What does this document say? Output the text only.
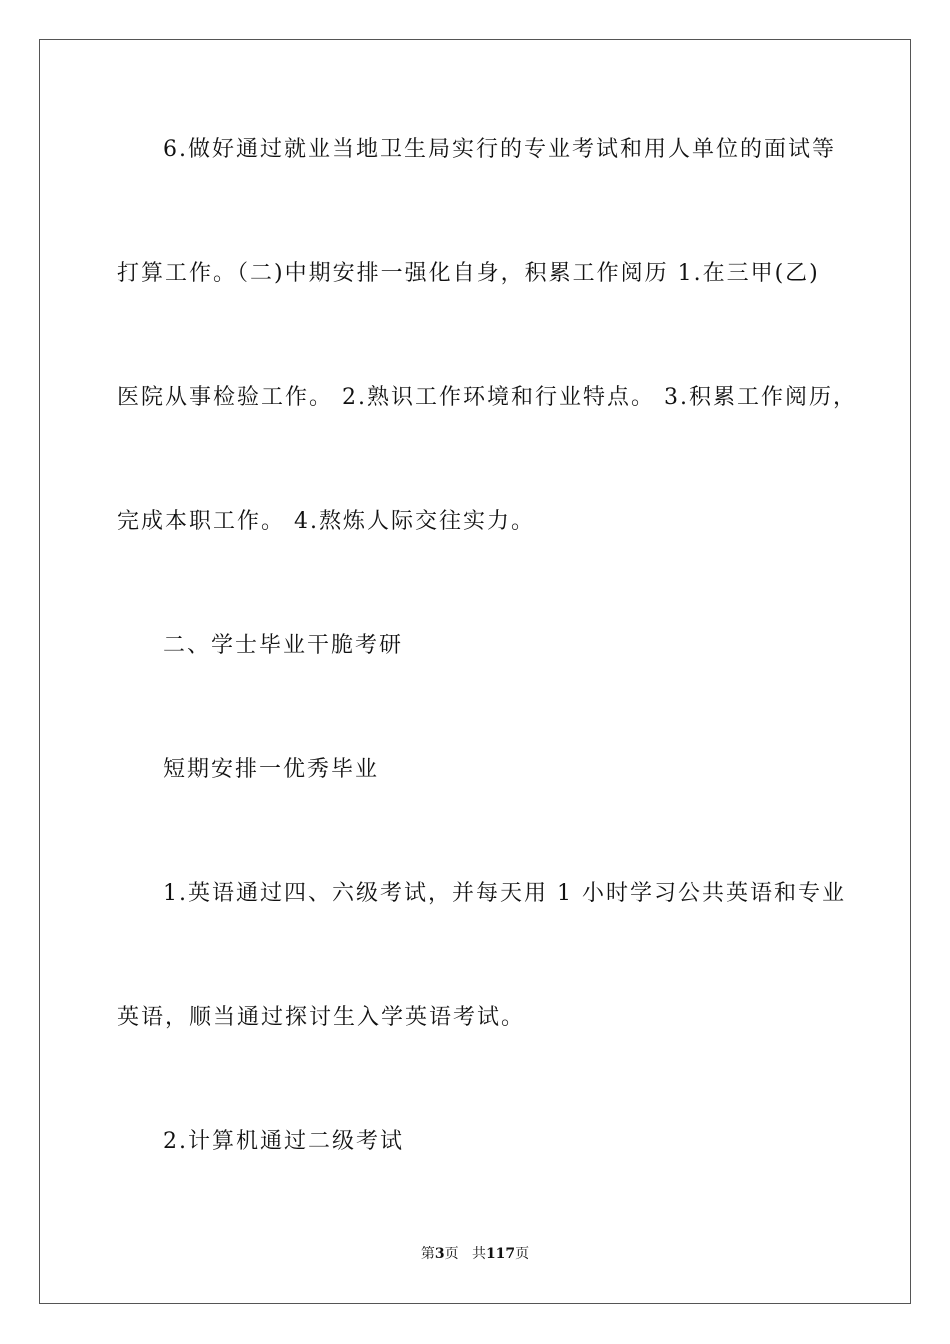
6.做好通过就业当地卫生局实行的专业考试和用人单位的面试等
打算工作。（二)中期安排一强化自身，积累工作阅历 1.在三甲(乙)
医院从事检验工作。 2.熟识工作环境和行业特点。 3.积累工作阅历，
完成本职工作。 4.熬炼人际交往实力。
二、学士毕业干脆考研
短期安排一优秀毕业
1.英语通过四、六级考试，并每天用 1 小时学习公共英语和专业
英语，顺当通过探讨生入学英语考试。
2.计算机通过二级考试
第3页 共117页
